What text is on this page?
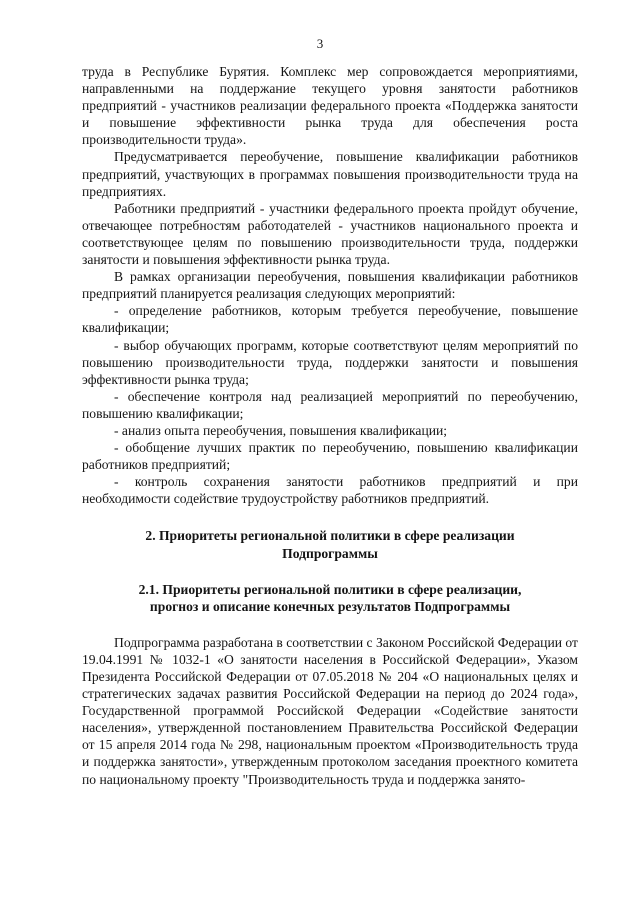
3

труда в Республике Бурятия. Комплекс мер сопровождается мероприятиями, направленными на поддержание текущего уровня занятости работников предприятий - участников реализации федерального проекта «Поддержка занятости и повышение эффективности рынка труда для обеспечения роста производительности труда».

Предусматривается переобучение, повышение квалификации работников предприятий, участвующих в программах повышения производительности труда на предприятиях.

Работники предприятий - участники федерального проекта пройдут обучение, отвечающее потребностям работодателей - участников национального проекта и соответствующее целям по повышению производительности труда, поддержки занятости и повышения эффективности рынка труда.

В рамках организации переобучения, повышения квалификации работников предприятий планируется реализация следующих мероприятий:

- определение работников, которым требуется переобучение, повышение квалификации;

- выбор обучающих программ, которые соответствуют целям мероприятий по повышению производительности труда, поддержки занятости и повышения эффективности рынка труда;

- обеспечение контроля над реализацией мероприятий по переобучению, повышению квалификации;

- анализ опыта переобучения, повышения квалификации;

- обобщение лучших практик по переобучению, повышению квалификации работников предприятий;

- контроль сохранения занятости работников предприятий и при необходимости содействие трудоустройству работников предприятий.

2. Приоритеты региональной политики в сфере реализации
Подпрограммы
2.1. Приоритеты региональной политики в сфере реализации,
прогноз и описание конечных результатов Подпрограммы

Подпрограмма разработана в соответствии с Законом Российской Федерации от 19.04.1991 № 1032-1 «О занятости населения в Российской Федерации», Указом Президента Российской Федерации от 07.05.2018 № 204 «О национальных целях и стратегических задачах развития Российской Федерации на период до 2024 года», Государственной программой Российской Федерации «Содействие занятости населения», утвержденной постановлением Правительства Российской Федерации от 15 апреля 2014 года № 298, национальным проектом «Производительность труда и поддержка занятости», утвержденным протоколом заседания проектного комитета по национальному проекту "Производительность труда и поддержка занято-
